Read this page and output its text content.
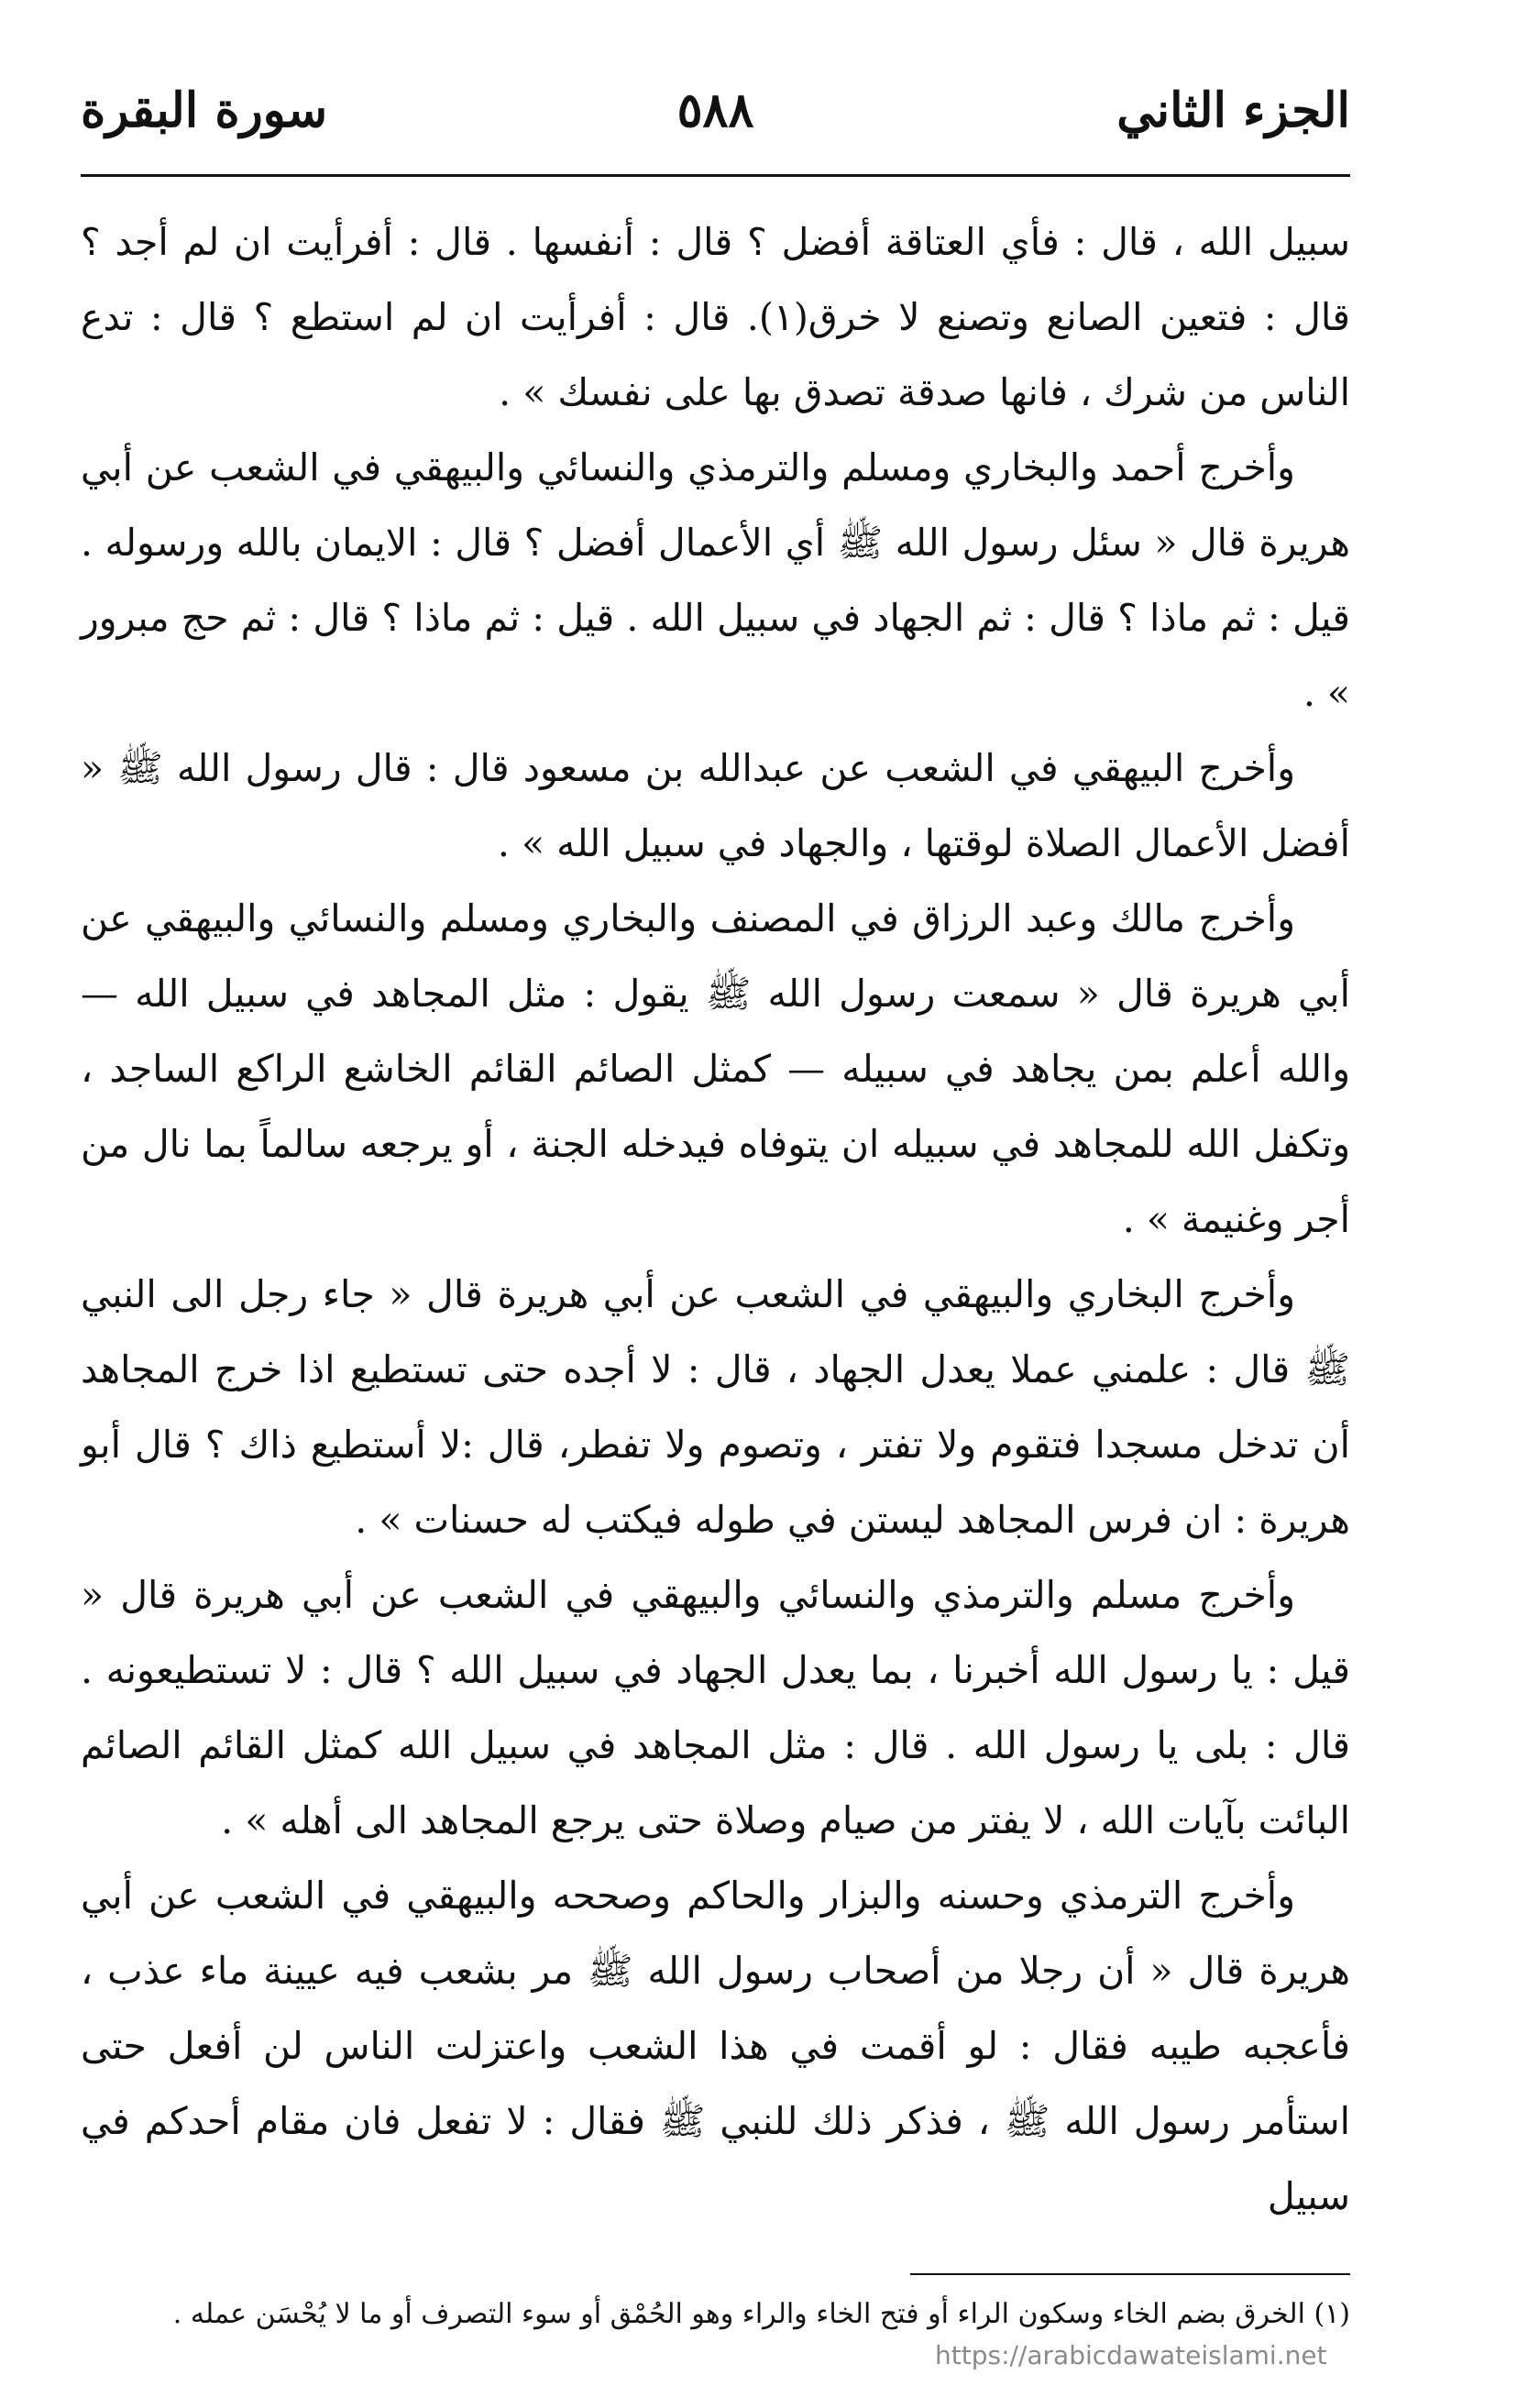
الجزء الثاني
٥٨٨
سورة البقرة

سبيل الله ، قال : فأي العتاقة أفضل ؟ قال : أنفسها . قال : أفرأيت ان لم أجد ؟ قال : فتعين الصانع وتصنع لا خرق(١). قال : أفرأيت ان لم استطع ؟ قال : تدع الناس من شرك ، فانها صدقة تصدق بها على نفسك » .

وأخرج أحمد والبخاري ومسلم والترمذي والنسائي والبيهقي في الشعب عن أبي هريرة قال « سئل رسول الله ﷺ أي الأعمال أفضل ؟ قال : الايمان بالله ورسوله . قيل : ثم ماذا ؟ قال : ثم الجهاد في سبيل الله . قيل : ثم ماذا ؟ قال : ثم حج مبرور » .

وأخرج البيهقي في الشعب عن عبدالله بن مسعود قال : قال رسول الله ﷺ « أفضل الأعمال الصلاة لوقتها ، والجهاد في سبيل الله » .

وأخرج مالك وعبد الرزاق في المصنف والبخاري ومسلم والنسائي والبيهقي عن أبي هريرة قال « سمعت رسول الله ﷺ يقول : مثل المجاهد في سبيل الله — والله أعلم بمن يجاهد في سبيله — كمثل الصائم القائم الخاشع الراكع الساجد ، وتكفل الله للمجاهد في سبيله ان يتوفاه فيدخله الجنة ، أو يرجعه سالماً بما نال من أجر وغنيمة » .

وأخرج البخاري والبيهقي في الشعب عن أبي هريرة قال « جاء رجل الى النبي ﷺ قال : علمني عملا يعدل الجهاد ، قال : لا أجده حتى تستطيع اذا خرج المجاهد أن تدخل مسجدا فتقوم ولا تفتر ، وتصوم ولا تفطر، قال :لا أستطيع ذاك ؟ قال أبو هريرة : ان فرس المجاهد ليستن في طوله فيكتب له حسنات » .

وأخرج مسلم والترمذي والنسائي والبيهقي في الشعب عن أبي هريرة قال « قيل : يا رسول الله أخبرنا ، بما يعدل الجهاد في سبيل الله ؟ قال : لا تستطيعونه . قال : بلى يا رسول الله . قال : مثل المجاهد في سبيل الله كمثل القائم الصائم البائت بآيات الله ، لا يفتر من صيام وصلاة حتى يرجع المجاهد الى أهله » .

وأخرج الترمذي وحسنه والبزار والحاكم وصححه والبيهقي في الشعب عن أبي هريرة قال « أن رجلا من أصحاب رسول الله ﷺ مر بشعب فيه عيينة ماء عذب ، فأعجبه طيبه فقال : لو أقمت في هذا الشعب واعتزلت الناس لن أفعل حتى استأمر رسول الله ﷺ ، فذكر ذلك للنبي ﷺ فقال : لا تفعل فان مقام أحدكم في سبيل

(١) الخرق بضم الخاء وسكون الراء أو فتح الخاء والراء وهو الحُمْق أو سوء التصرف أو ما لا يُحْسَن عمله .
https://arabicdawateislami.net
